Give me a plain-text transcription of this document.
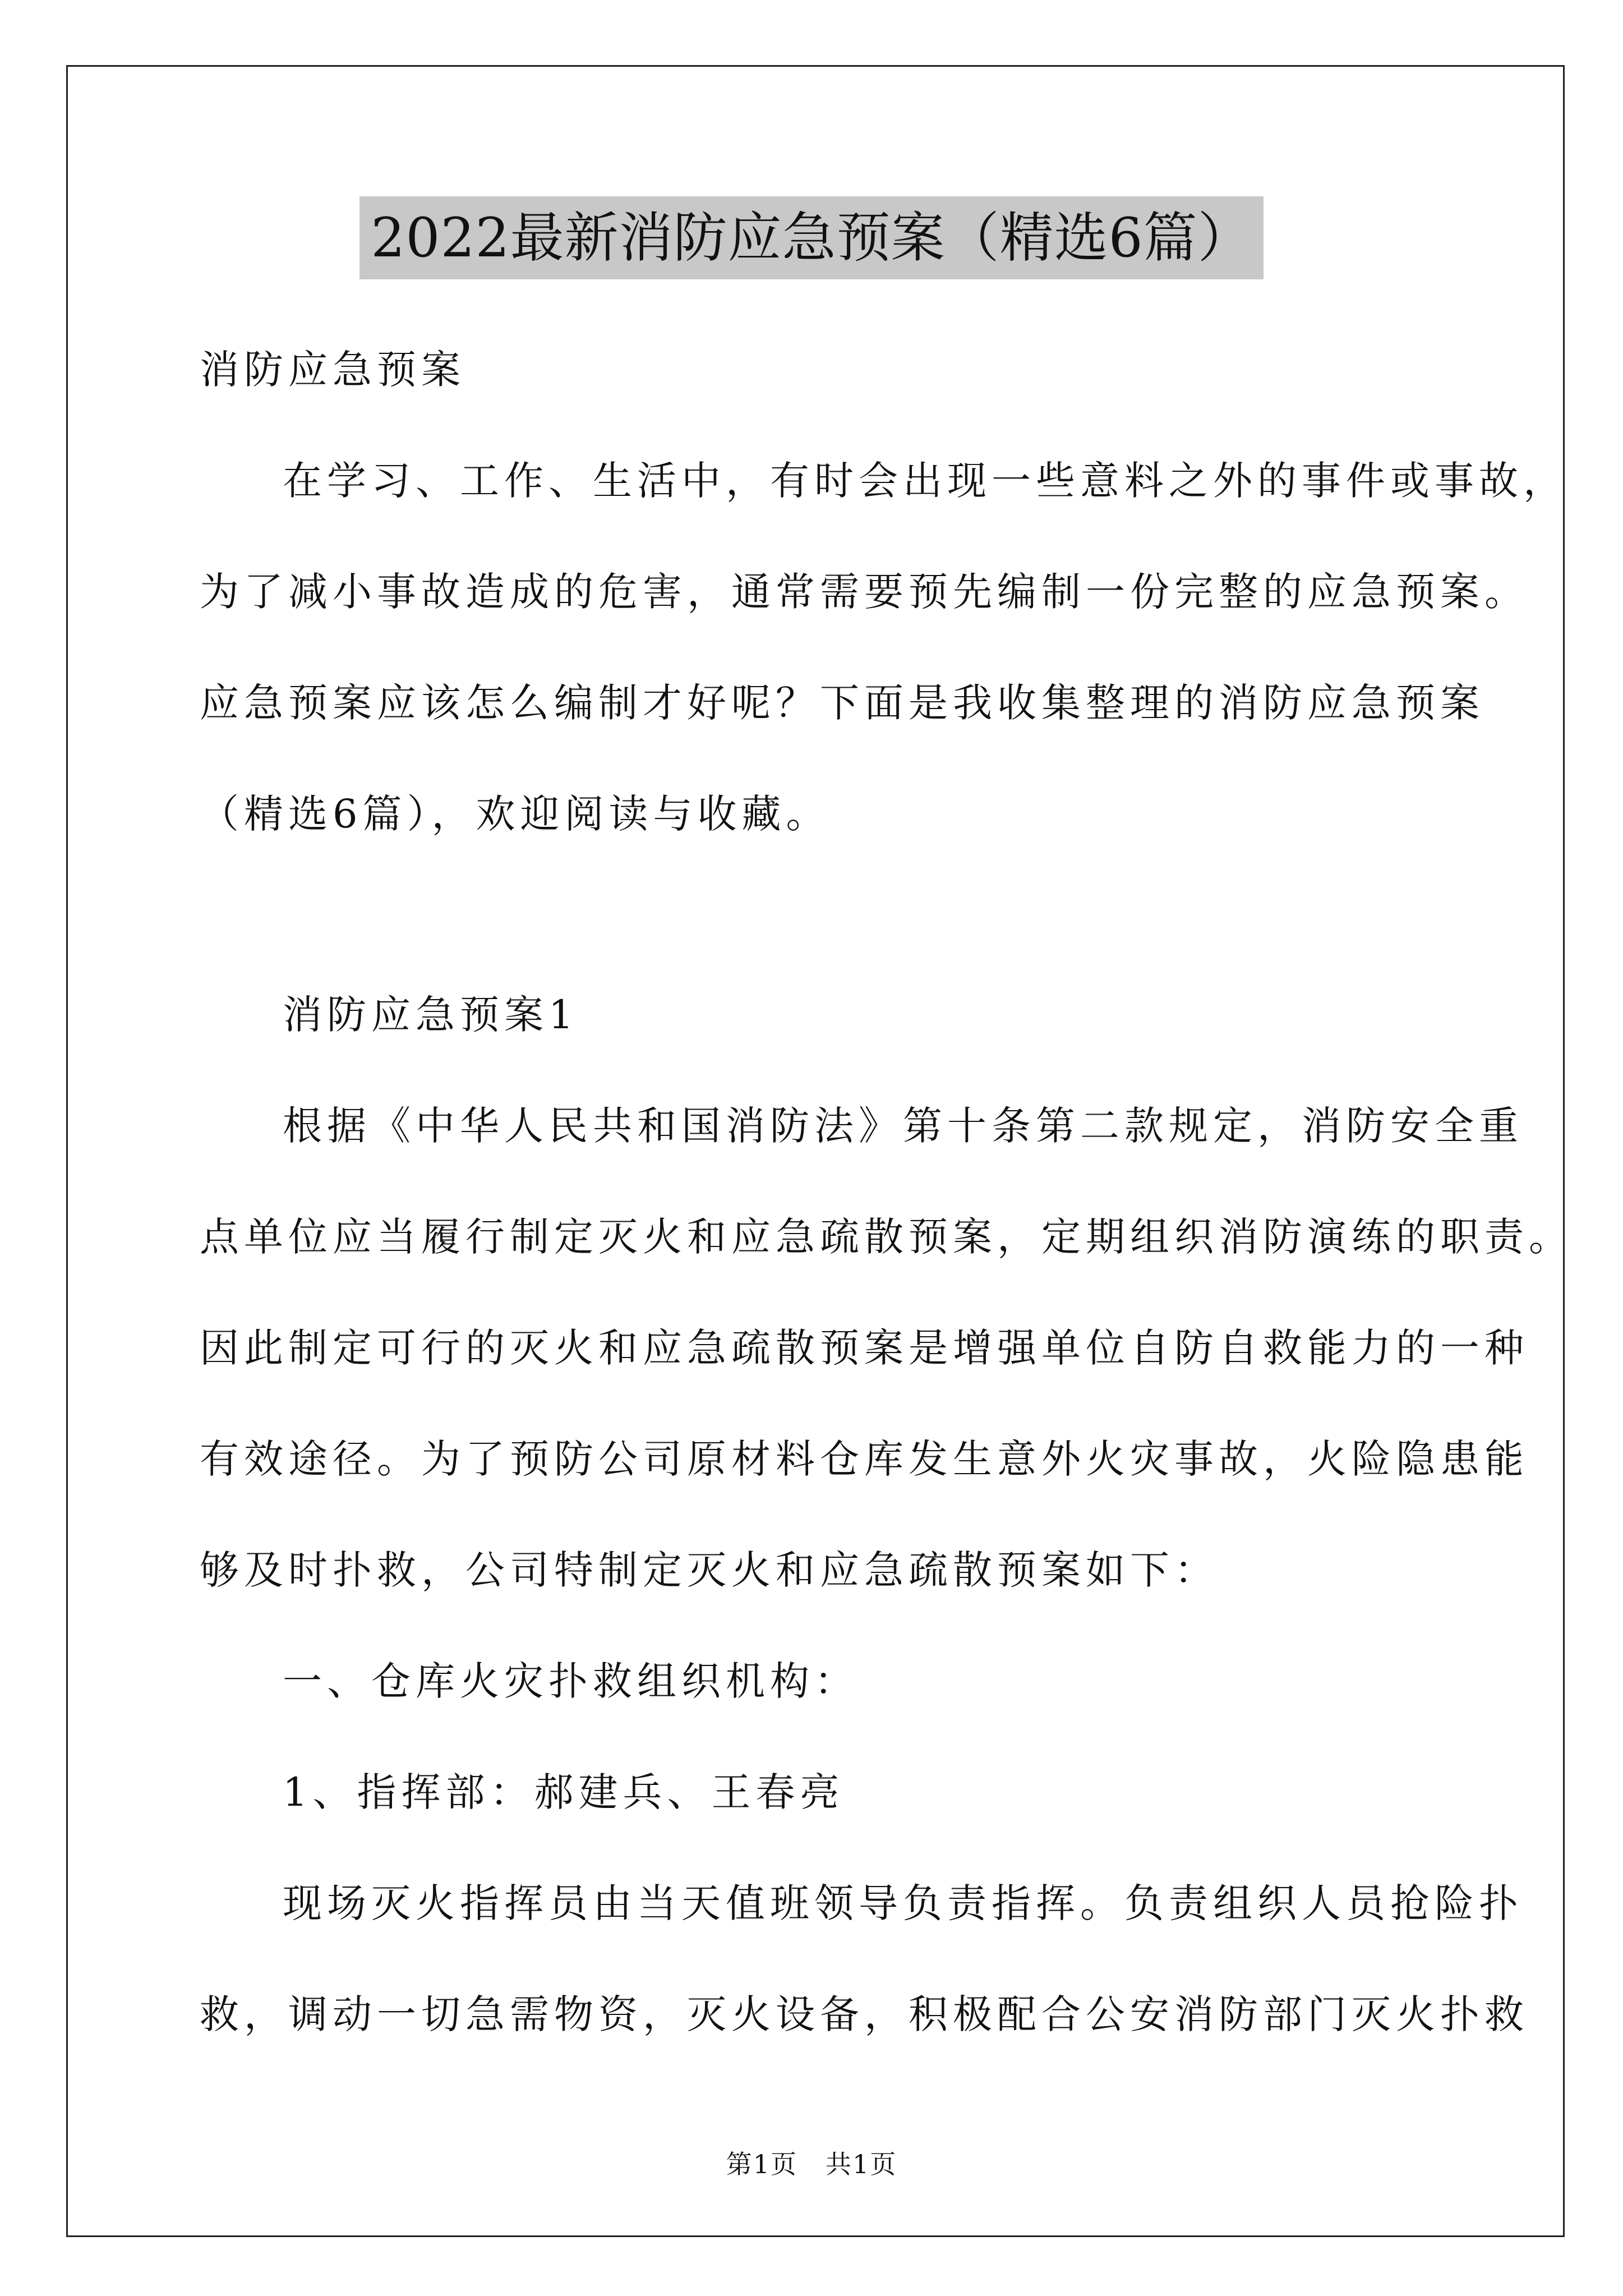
2022最新消防应急预案（精选6篇）

消防应急预案

在学习、工作、生活中，有时会出现一些意料之外的事件或事故，

为了减小事故造成的危害，通常需要预先编制一份完整的应急预案。

应急预案应该怎么编制才好呢？下面是我收集整理的消防应急预案

（精选6篇），欢迎阅读与收藏。

消防应急预案1

根据《中华人民共和国消防法》第十条第二款规定，消防安全重

点单位应当履行制定灭火和应急疏散预案，定期组织消防演练的职责。

因此制定可行的灭火和应急疏散预案是增强单位自防自救能力的一种

有效途径。为了预防公司原材料仓库发生意外火灾事故，火险隐患能

够及时扑救，公司特制定灭火和应急疏散预案如下：

一、仓库火灾扑救组织机构：

1、指挥部：郝建兵、王春亮

现场灭火指挥员由当天值班领导负责指挥。负责组织人员抢险扑

救，调动一切急需物资，灭火设备，积极配合公安消防部门灭火扑救

第1页 共1页
